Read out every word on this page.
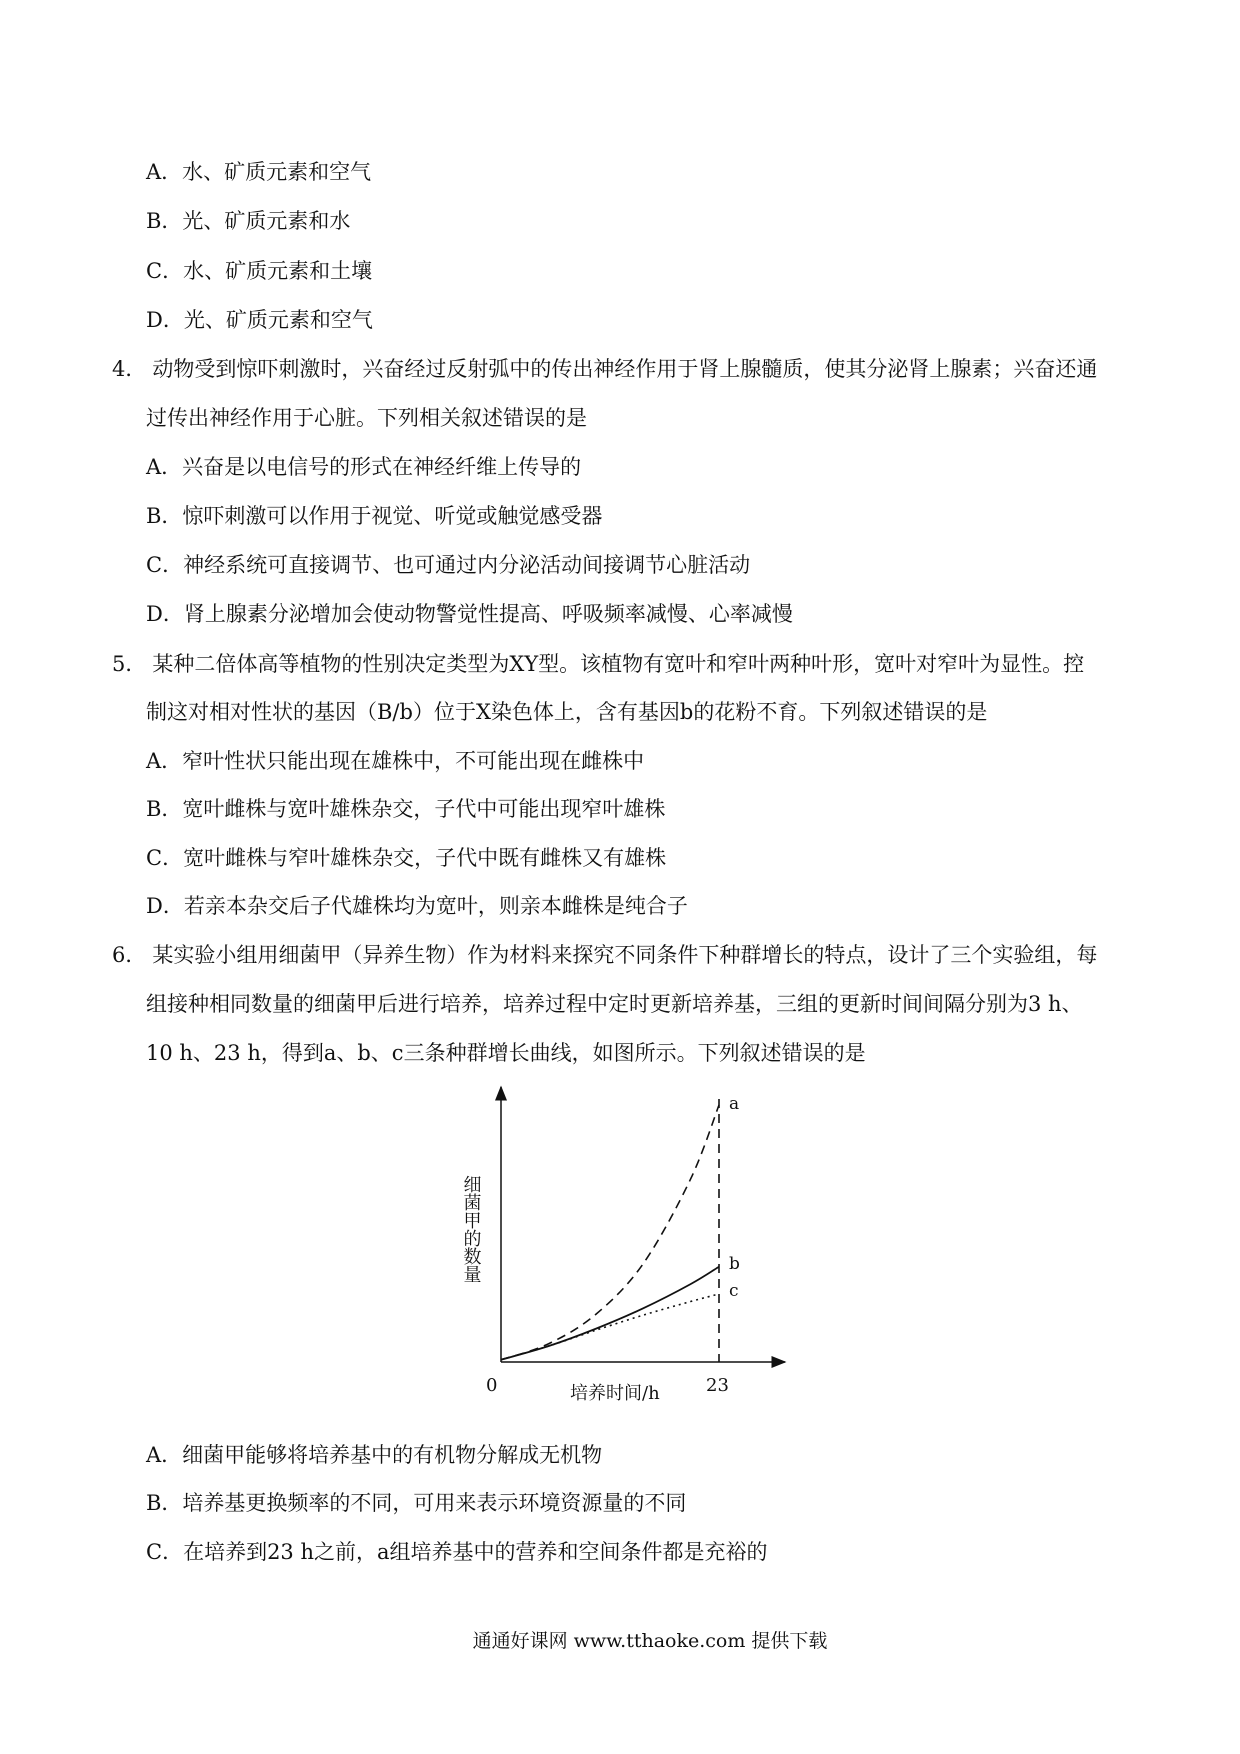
A．水、矿质元素和空气
B．光、矿质元素和水
C．水、矿质元素和土壤
D．光、矿质元素和空气
4． 动物受到惊吓刺激时，兴奋经过反射弧中的传出神经作用于肾上腺髓质，使其分泌肾上腺素；兴奋还通
过传出神经作用于心脏。下列相关叙述错误的是
A．兴奋是以电信号的形式在神经纤维上传导的
B．惊吓刺激可以作用于视觉、听觉或触觉感受器
C．神经系统可直接调节、也可通过内分泌活动间接调节心脏活动
D．肾上腺素分泌增加会使动物警觉性提高、呼吸频率减慢、心率减慢
5． 某种二倍体高等植物的性别决定类型为XY型。该植物有宽叶和窄叶两种叶形，宽叶对窄叶为显性。控
制这对相对性状的基因（B/b）位于X染色体上，含有基因b的花粉不育。下列叙述错误的是
A．窄叶性状只能出现在雄株中，不可能出现在雌株中
B．宽叶雌株与宽叶雄株杂交，子代中可能出现窄叶雄株
C．宽叶雌株与窄叶雄株杂交，子代中既有雌株又有雄株
D．若亲本杂交后子代雄株均为宽叶，则亲本雌株是纯合子
6． 某实验小组用细菌甲（异养生物）作为材料来探究不同条件下种群增长的特点，设计了三个实验组，每
组接种相同数量的细菌甲后进行培养，培养过程中定时更新培养基，三组的更新时间间隔分别为3 h、
10 h、23 h，得到a、b、c三条种群增长曲线，如图所示。下列叙述错误的是
a
b
c
细菌甲的数量
培养时间/h
0	23
A．细菌甲能够将培养基中的有机物分解成无机物
B．培养基更换频率的不同，可用来表示环境资源量的不同
C．在培养到23 h之前，a组培养基中的营养和空间条件都是充裕的
通通好课网 www.tthaoke.com 提供下载
